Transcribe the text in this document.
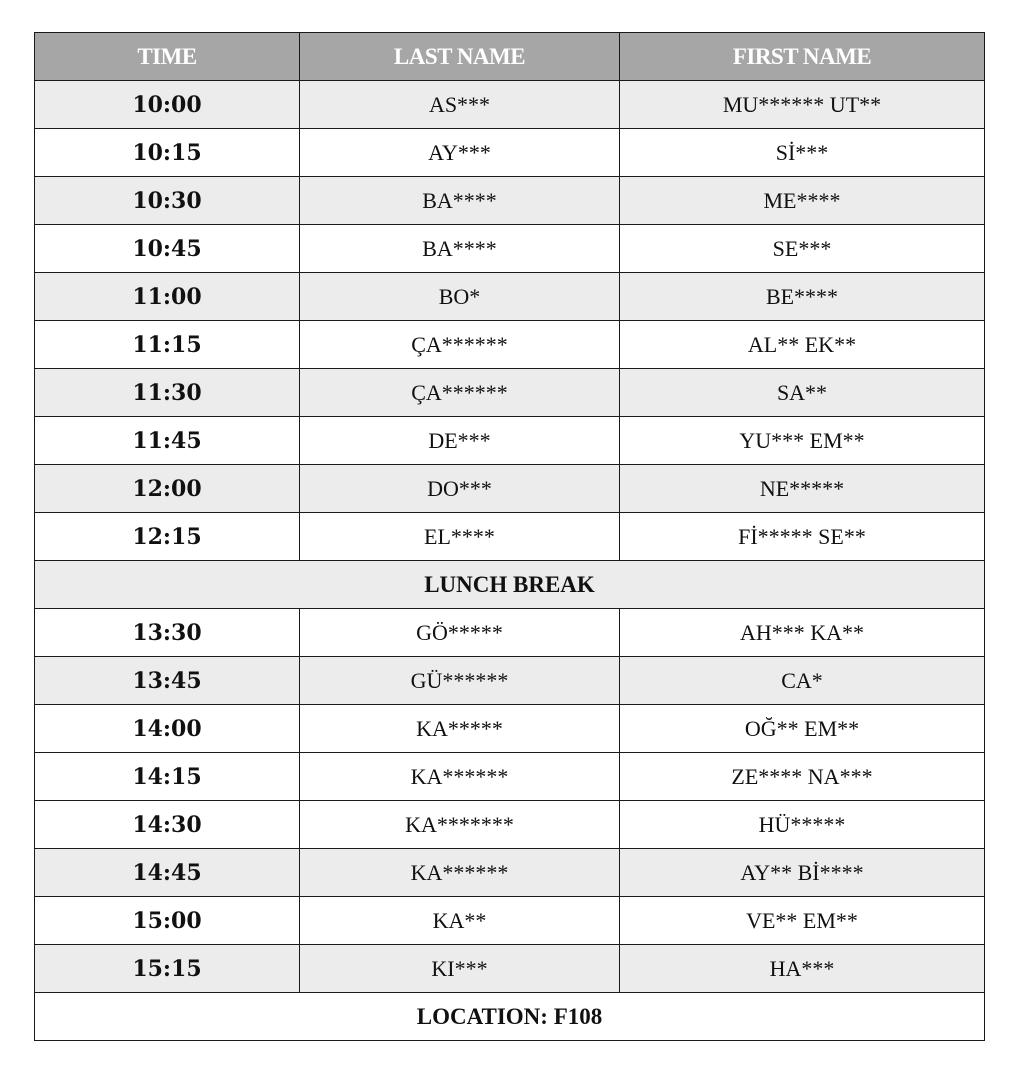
TIME	LAST NAME	FIRST NAME
10:00	AS***	MU****** UT**
10:15	AY***	Sİ***
10:30	BA****	ME****
10:45	BA****	SE***
11:00	BO*	BE****
11:15	ÇA******	AL** EK**
11:30	ÇA******	SA**
11:45	DE***	YU*** EM**
12:00	DO***	NE*****
12:15	EL****	Fİ***** SE**
LUNCH BREAK		
13:30	GÖ*****	AH*** KA**
13:45	GÜ******	CA*
14:00	KA*****	OĞ** EM**
14:15	KA******	ZE**** NA***
14:30	KA*******	HÜ*****
14:45	KA******	AY** Bİ****
15:00	KA**	VE** EM**
15:15	KI***	HA***
LOCATION: F108		
